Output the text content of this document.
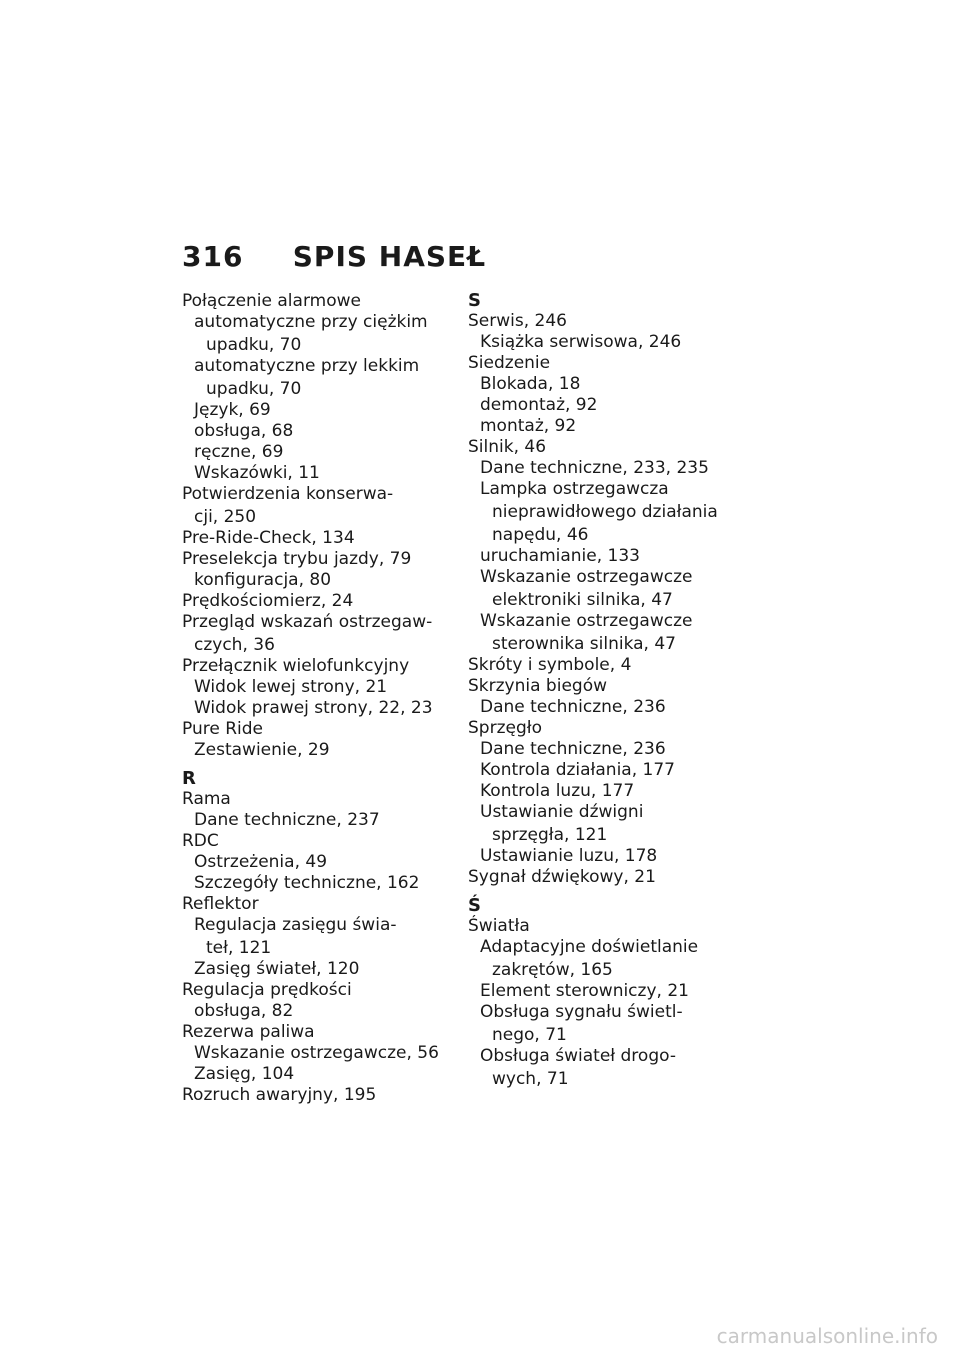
316 SPIS HASEŁ
Połączenie alarmowe
automatyczne przy ciężkim
upadku, 70
automatyczne przy lekkim
upadku, 70
Język, 69
obsługa, 68
ręczne, 69
Wskazówki, 11
Potwierdzenia konserwa-
cji, 250
Pre-Ride-Check, 134
Preselekcja trybu jazdy, 79
konfiguracja, 80
Prędkościomierz, 24
Przegląd wskazań ostrzegaw-
czych, 36
Przełącznik wielofunkcyjny
Widok lewej strony, 21
Widok prawej strony, 22, 23
Pure Ride
Zestawienie, 29
R
Rama
Dane techniczne, 237
RDC
Ostrzeżenia, 49
Szczegóły techniczne, 162
Reflektor
Regulacja zasięgu świa-
teł, 121
Zasięg świateł, 120
Regulacja prędkości
obsługa, 82
Rezerwa paliwa
Wskazanie ostrzegawcze, 56
Zasięg, 104
Rozruch awaryjny, 195
S
Serwis, 246
Książka serwisowa, 246
Siedzenie
Blokada, 18
demontaż, 92
montaż, 92
Silnik, 46
Dane techniczne, 233, 235
Lampka ostrzegawcza
nieprawidłowego działania
napędu, 46
uruchamianie, 133
Wskazanie ostrzegawcze
elektroniki silnika, 47
Wskazanie ostrzegawcze
sterownika silnika, 47
Skróty i symbole, 4
Skrzynia biegów
Dane techniczne, 236
Sprzęgło
Dane techniczne, 236
Kontrola działania, 177
Kontrola luzu, 177
Ustawianie dźwigni
sprzęgła, 121
Ustawianie luzu, 178
Sygnał dźwiękowy, 21
Ś
Światła
Adaptacyjne doświetlanie
zakrętów, 165
Element sterowniczy, 21
Obsługa sygnału świetl-
nego, 71
Obsługa świateł drogo-
wych, 71
carmanualsonline.info
